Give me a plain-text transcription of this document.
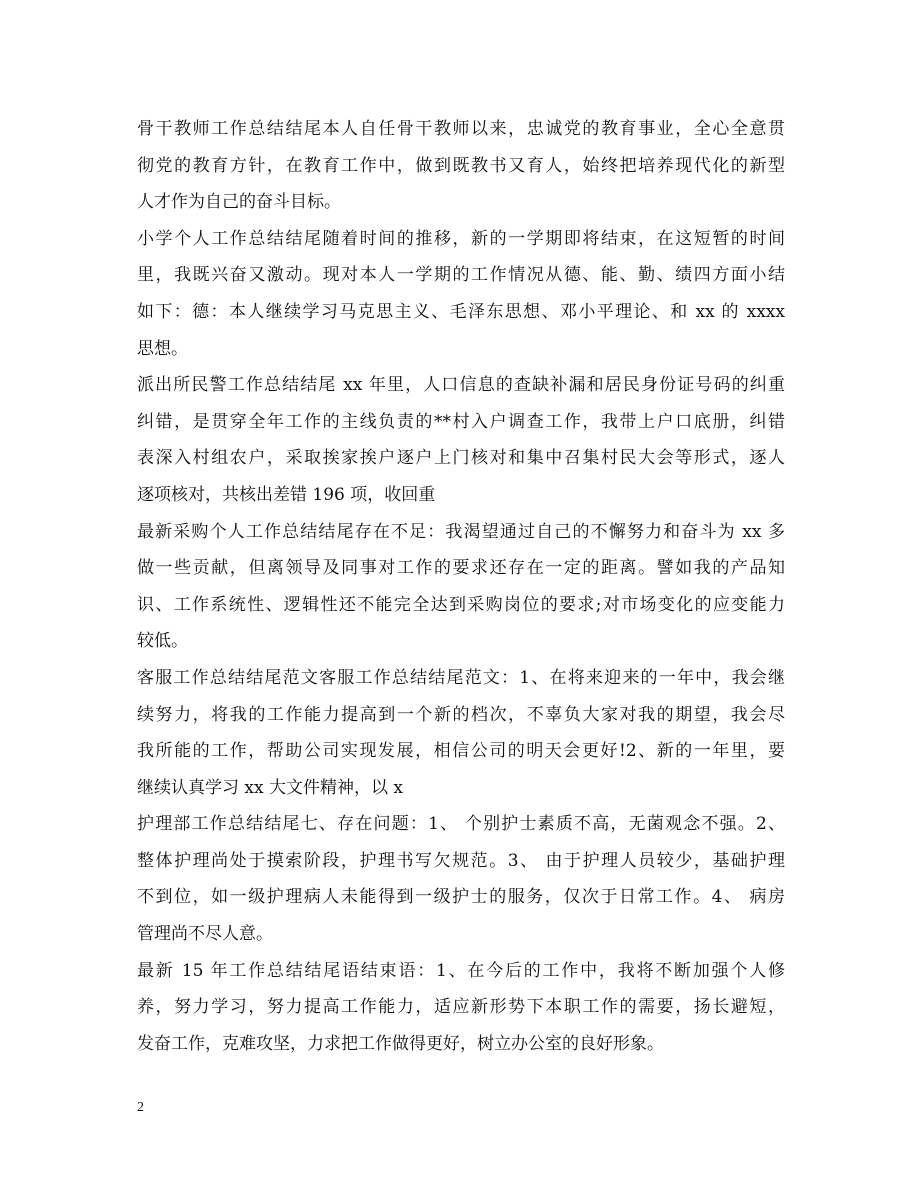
骨干教师工作总结结尾本人自任骨干教师以来，忠诚党的教育事业，全心全意贯
彻党的教育方针，在教育工作中，做到既教书又育人，始终把培养现代化的新型
人才作为自己的奋斗目标。
小学个人工作总结结尾随着时间的推移，新的一学期即将结束，在这短暂的时间
里，我既兴奋又激动。现对本人一学期的工作情况从德、能、勤、绩四方面小结
如下：德：本人继续学习马克思主义、毛泽东思想、邓小平理论、和 xx 的 xxxx
思想。
派出所民警工作总结结尾 xx 年里，人口信息的查缺补漏和居民身份证号码的纠重
纠错，是贯穿全年工作的主线负责的**村入户调查工作，我带上户口底册，纠错
表深入村组农户，采取挨家挨户逐户上门核对和集中召集村民大会等形式，逐人
逐项核对，共核出差错 196 项，收回重
最新采购个人工作总结结尾存在不足：我渴望通过自己的不懈努力和奋斗为 xx 多
做一些贡献，但离领导及同事对工作的要求还存在一定的距离。譬如我的产品知
识、工作系统性、逻辑性还不能完全达到采购岗位的要求;对市场变化的应变能力
较低。
客服工作总结结尾范文客服工作总结结尾范文：1、在将来迎来的一年中，我会继
续努力，将我的工作能力提高到一个新的档次，不辜负大家对我的期望，我会尽
我所能的工作，帮助公司实现发展，相信公司的明天会更好!2、新的一年里，要
继续认真学习 xx 大文件精神，以 x
护理部工作总结结尾七、存在问题：1、 个别护士素质不高，无菌观念不强。2、
整体护理尚处于摸索阶段，护理书写欠规范。3、 由于护理人员较少，基础护理
不到位，如一级护理病人未能得到一级护士的服务，仅次于日常工作。4、 病房
管理尚不尽人意。
最新 15 年工作总结结尾语结束语：1、在今后的工作中，我将不断加强个人修
养，努力学习，努力提高工作能力，适应新形势下本职工作的需要，扬长避短，
发奋工作，克难攻坚，力求把工作做得更好，树立办公室的良好形象。
2
